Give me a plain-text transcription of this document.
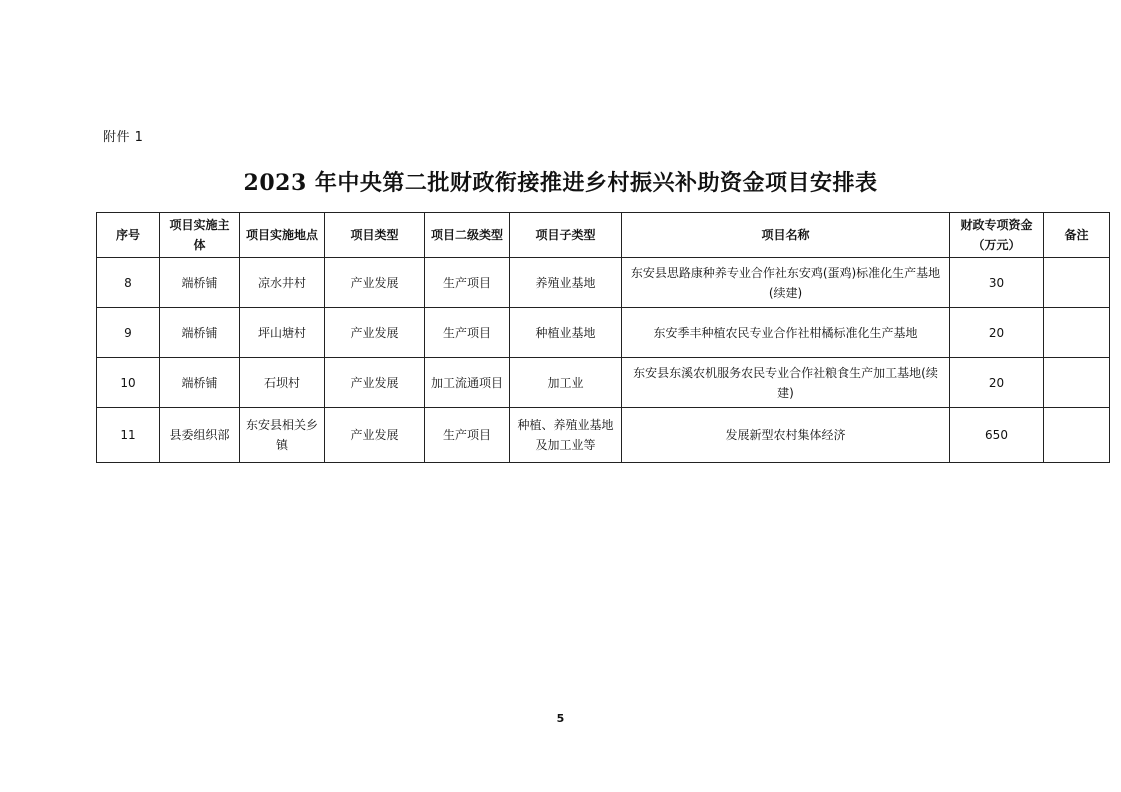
附件 1
2023 年中央第二批财政衔接推进乡村振兴补助资金项目安排表
序号	项目实施主体	项目实施地点	项目类型	项目二级类型	项目子类型	项目名称	财政专项资金（万元）	备注
8	端桥铺	凉水井村	产业发展	生产项目	养殖业基地	东安县思路康种养专业合作社东安鸡(蛋鸡)标准化生产基地(续建)	30	
9	端桥铺	坪山塘村	产业发展	生产项目	种植业基地	东安季丰种植农民专业合作社柑橘标准化生产基地	20	
10	端桥铺	石坝村	产业发展	加工流通项目	加工业	东安县东溪农机服务农民专业合作社粮食生产加工基地(续建)	20	
11	县委组织部	东安县相关乡镇	产业发展	生产项目	种植、养殖业基地及加工业等	发展新型农村集体经济	650	
5
